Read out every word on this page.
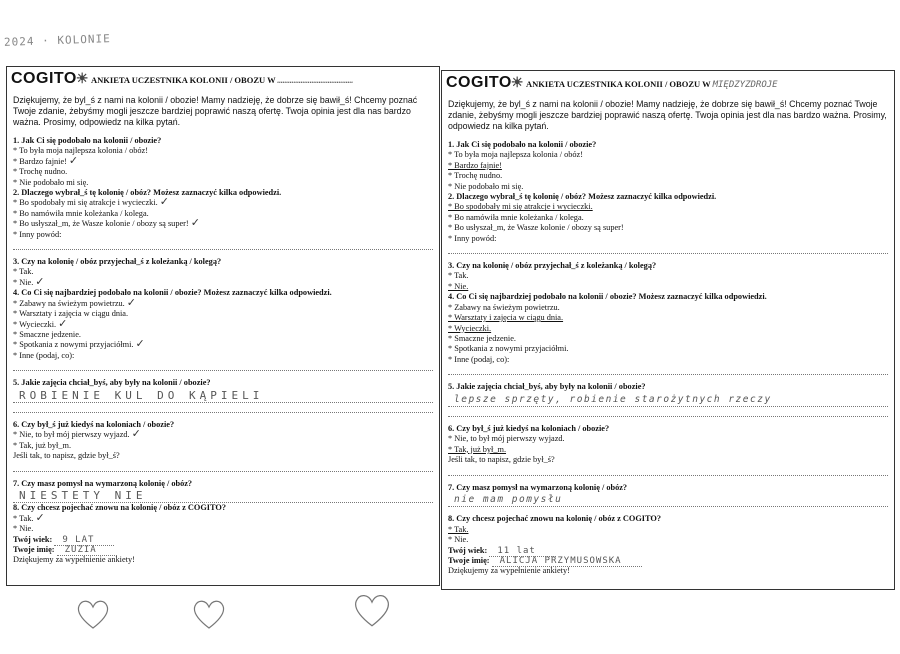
2024 · KOLONIE
COGITO☀ ANKIETA UCZESTNIKA KOLONII / OBOZU W ……………………………………
Dziękujemy, że byl_ś z nami na kolonii / obozie! Mamy nadzieję, że dobrze się bawił_ś! Chcemy poznać Twoje zdanie, żebyśmy mogli jeszcze bardziej poprawić naszą ofertę. Twoja opinia jest dla nas bardzo ważna. Prosimy, odpowiedz na kilka pytań.
1. Jak Ci się podobało na kolonii / obozie?
* To była moja najlepsza kolonia / obóz!
* Bardzo fajnie! ✓
* Trochę nudno.
* Nie podobało mi się.
2. Dlaczego wybrał_ś tę kolonię / obóz? Możesz zaznaczyć kilka odpowiedzi.
* Bo spodobały mi się atrakcje i wycieczki. ✓
* Bo namówiła mnie koleżanka / kolega.
* Bo usłyszał_m, że Wasze kolonie / obozy są super! ✓
* Inny powód:
3. Czy na kolonię / obóz przyjechał_ś z koleżanką / kolegą?
* Tak.
* Nie. ✓
4. Co Ci się najbardziej podobało na kolonii / obozie? Możesz zaznaczyć kilka odpowiedzi.
* Zabawy na świeżym powietrzu. ✓
* Warsztaty i zajęcia w ciągu dnia.
* Wycieczki. ✓
* Smaczne jedzenie.
* Spotkania z nowymi przyjaciółmi. ✓
* Inne (podaj, co):
5. Jakie zajęcia chciał_byś, aby były na kolonii / obozie?
ROBIENIE KUL DO KĄPIELI
6. Czy był_ś już kiedyś na koloniach / obozie?
* Nie, to był mój pierwszy wyjazd. ✓
* Tak, już był_m.
Jeśli tak, to napisz, gdzie był_ś?
7. Czy masz pomysł na wymarzoną kolonię / obóz?
NIESTETY NIE
8. Czy chcesz pojechać znowu na kolonię / obóz z COGITO?
* Tak. ✓
* Nie.
Twój wiek: 9 LAT
Twoje imię: ZUZIA
Dziękujemy za wypełnienie ankiety!
COGITO☀ ANKIETA UCZESTNIKA KOLONII / OBOZU W MIĘDZYZDROJE
Dziękujemy, że byl_ś z nami na kolonii / obozie! Mamy nadzieję, że dobrze się bawił_ś! Chcemy poznać Twoje zdanie, żebyśmy mogli jeszcze bardziej poprawić naszą ofertę. Twoja opinia jest dla nas bardzo ważna. Prosimy, odpowiedz na kilka pytań.
1. Jak Ci się podobało na kolonii / obozie?
* To była moja najlepsza kolonia / obóz!
* Bardzo fajnie!
* Trochę nudno.
* Nie podobało mi się.
2. Dlaczego wybrał_ś tę kolonię / obóz? Możesz zaznaczyć kilka odpowiedzi.
* Bo spodobały mi się atrakcje i wycieczki.
* Bo namówiła mnie koleżanka / kolega.
* Bo usłyszał_m, że Wasze kolonie / obozy są super!
* Inny powód:
3. Czy na kolonię / obóz przyjechał_ś z koleżanką / kolegą?
* Tak.
* Nie.
4. Co Ci się najbardziej podobało na kolonii / obozie? Możesz zaznaczyć kilka odpowiedzi.
* Zabawy na świeżym powietrzu.
* Warsztaty i zajęcia w ciągu dnia.
* Wycieczki.
* Smaczne jedzenie.
* Spotkania z nowymi przyjaciółmi.
* Inne (podaj, co):
5. Jakie zajęcia chciał_byś, aby były na kolonii / obozie?
lepsze sprzęty, robienie starożytnych rzeczy
6. Czy był_ś już kiedyś na koloniach / obozie?
* Nie, to był mój pierwszy wyjazd.
* Tak, już był_m.
Jeśli tak, to napisz, gdzie był_ś?
7. Czy masz pomysł na wymarzoną kolonię / obóz?
nie mam pomysłu
8. Czy chcesz pojechać znowu na kolonię / obóz z COGITO?
* Tak.
* Nie.
Twój wiek: 11 lat
Twoje imię: ALICJA PRZYMUSOWSKA
Dziękujemy za wypełnienie ankiety!
